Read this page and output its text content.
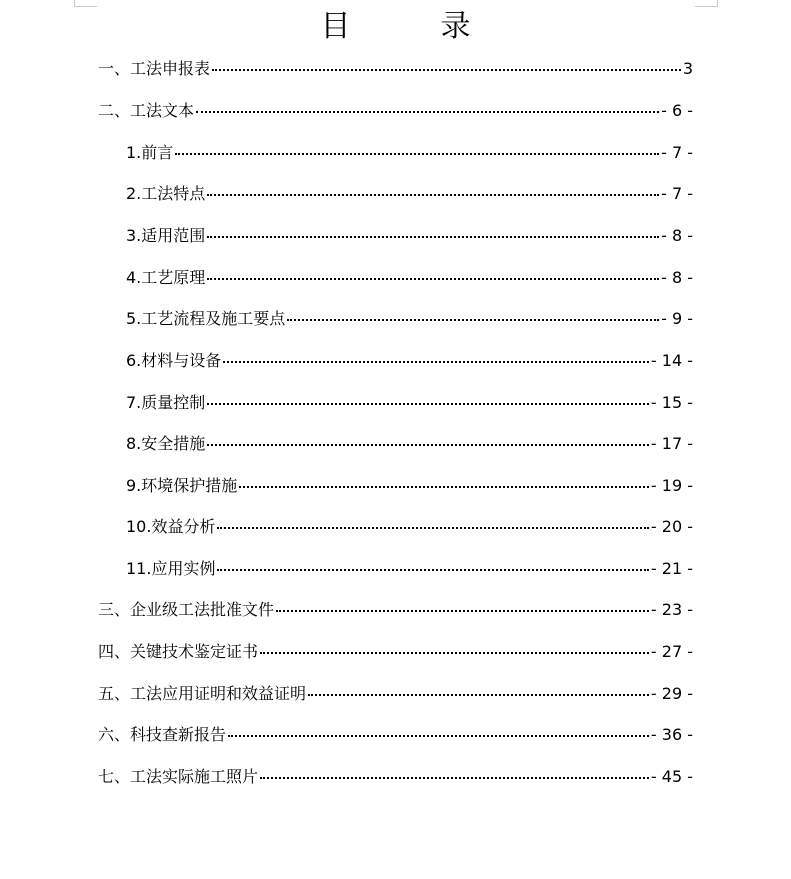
目　　　录
一、工法申报表	3
二、工法文本	- 6 -
1.前言	- 7 -
2.工法特点	- 7 -
3.适用范围	- 8 -
4.工艺原理	- 8 -
5.工艺流程及施工要点	- 9 -
6.材料与设备	- 14 -
7.质量控制	- 15 -
8.安全措施	- 17 -
9.环境保护措施	- 19 -
10.效益分析	- 20 -
11.应用实例	- 21 -
三、企业级工法批准文件	- 23 -
四、关键技术鉴定证书	- 27 -
五、工法应用证明和效益证明	- 29 -
六、科技查新报告	- 36 -
七、工法实际施工照片	- 45 -
